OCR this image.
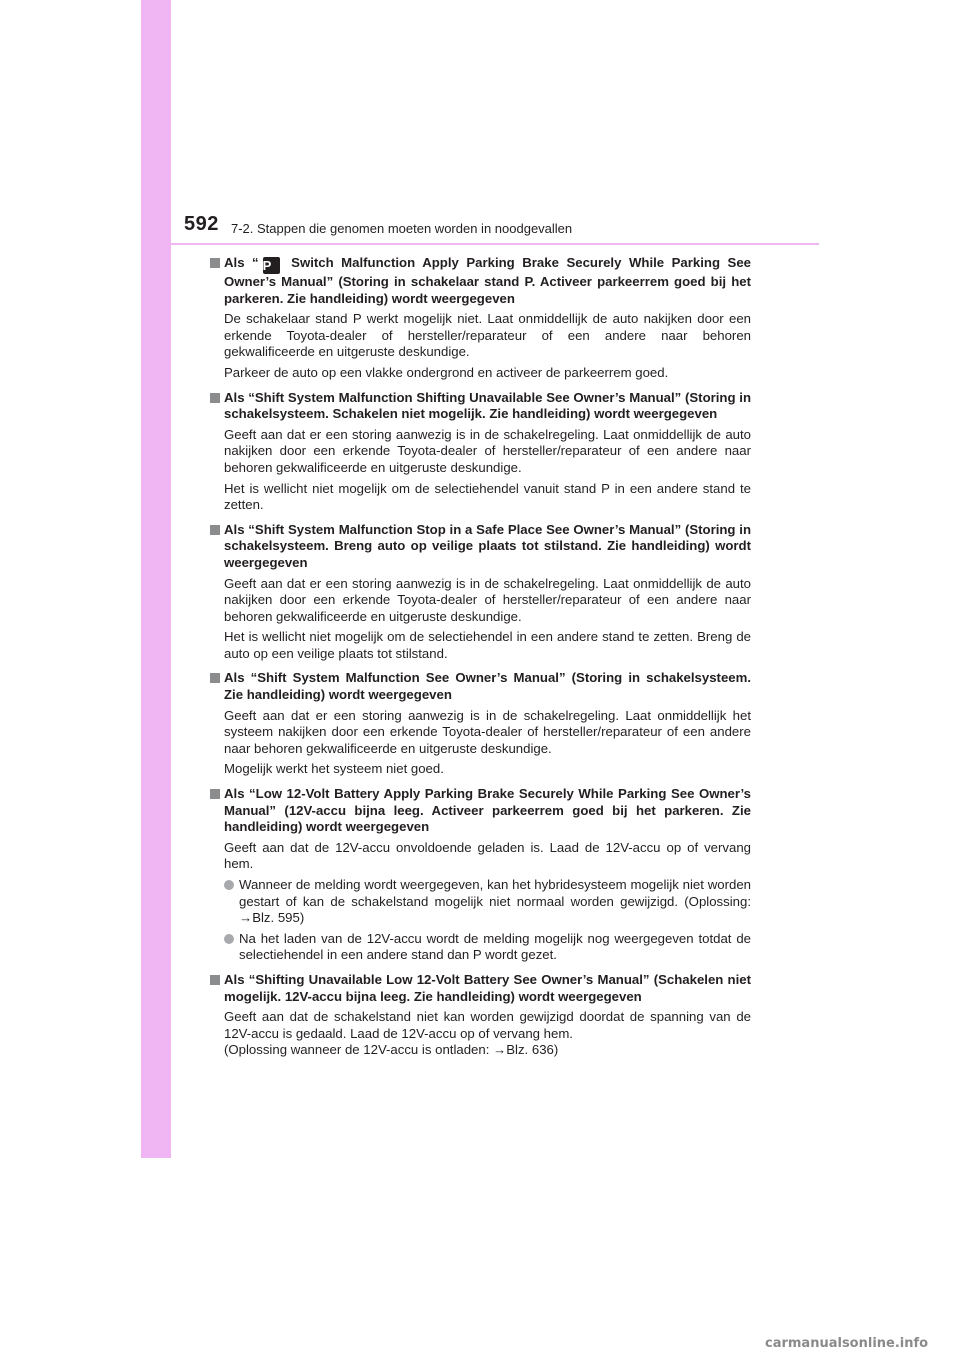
592 7-2. Stappen die genomen moeten worden in noodgevallen
Als “ P Switch Malfunction Apply Parking Brake Securely While Parking See Owner’s Manual” (Storing in schakelaar stand P. Activeer parkeerrem goed bij het parkeren. Zie handleiding) wordt weergegeven
De schakelaar stand P werkt mogelijk niet. Laat onmiddellijk de auto nakijken door een erkende Toyota-dealer of hersteller/reparateur of een andere naar behoren gekwalificeerde en uitgeruste deskundige.
Parkeer de auto op een vlakke ondergrond en activeer de parkeerrem goed.
Als “Shift System Malfunction Shifting Unavailable See Owner’s Manual” (Storing in schakelsysteem. Schakelen niet mogelijk. Zie handleiding) wordt weergegeven
Geeft aan dat er een storing aanwezig is in de schakelregeling. Laat onmiddellijk de auto nakijken door een erkende Toyota-dealer of hersteller/reparateur of een andere naar behoren gekwalificeerde en uitgeruste deskundige.
Het is wellicht niet mogelijk om de selectiehendel vanuit stand P in een andere stand te zetten.
Als “Shift System Malfunction Stop in a Safe Place See Owner’s Manual” (Storing in schakelsysteem. Breng auto op veilige plaats tot stilstand. Zie handleiding) wordt weergegeven
Geeft aan dat er een storing aanwezig is in de schakelregeling. Laat onmiddellijk de auto nakijken door een erkende Toyota-dealer of hersteller/reparateur of een andere naar behoren gekwalificeerde en uitgeruste deskundige.
Het is wellicht niet mogelijk om de selectiehendel in een andere stand te zetten. Breng de auto op een veilige plaats tot stilstand.
Als “Shift System Malfunction See Owner’s Manual” (Storing in schakelsysteem. Zie handleiding) wordt weergegeven
Geeft aan dat er een storing aanwezig is in de schakelregeling. Laat onmiddellijk het systeem nakijken door een erkende Toyota-dealer of hersteller/reparateur of een andere naar behoren gekwalificeerde en uitgeruste deskundige.
Mogelijk werkt het systeem niet goed.
Als “Low 12-Volt Battery Apply Parking Brake Securely While Parking See Owner’s Manual” (12V-accu bijna leeg. Activeer parkeerrem goed bij het parkeren. Zie handleiding) wordt weergegeven
Geeft aan dat de 12V-accu onvoldoende geladen is. Laad de 12V-accu op of vervang hem.
Wanneer de melding wordt weergegeven, kan het hybridesysteem mogelijk niet worden gestart of kan de schakelstand mogelijk niet normaal worden gewijzigd. (Oplossing: →Blz. 595)
Na het laden van de 12V-accu wordt de melding mogelijk nog weergegeven totdat de selectiehendel in een andere stand dan P wordt gezet.
Als “Shifting Unavailable Low 12-Volt Battery See Owner’s Manual” (Schakelen niet mogelijk. 12V-accu bijna leeg. Zie handleiding) wordt weergegeven
Geeft aan dat de schakelstand niet kan worden gewijzigd doordat de spanning van de 12V-accu is gedaald. Laad de 12V-accu op of vervang hem.
(Oplossing wanneer de 12V-accu is ontladen: →Blz. 636)
carmanualsonline.info
